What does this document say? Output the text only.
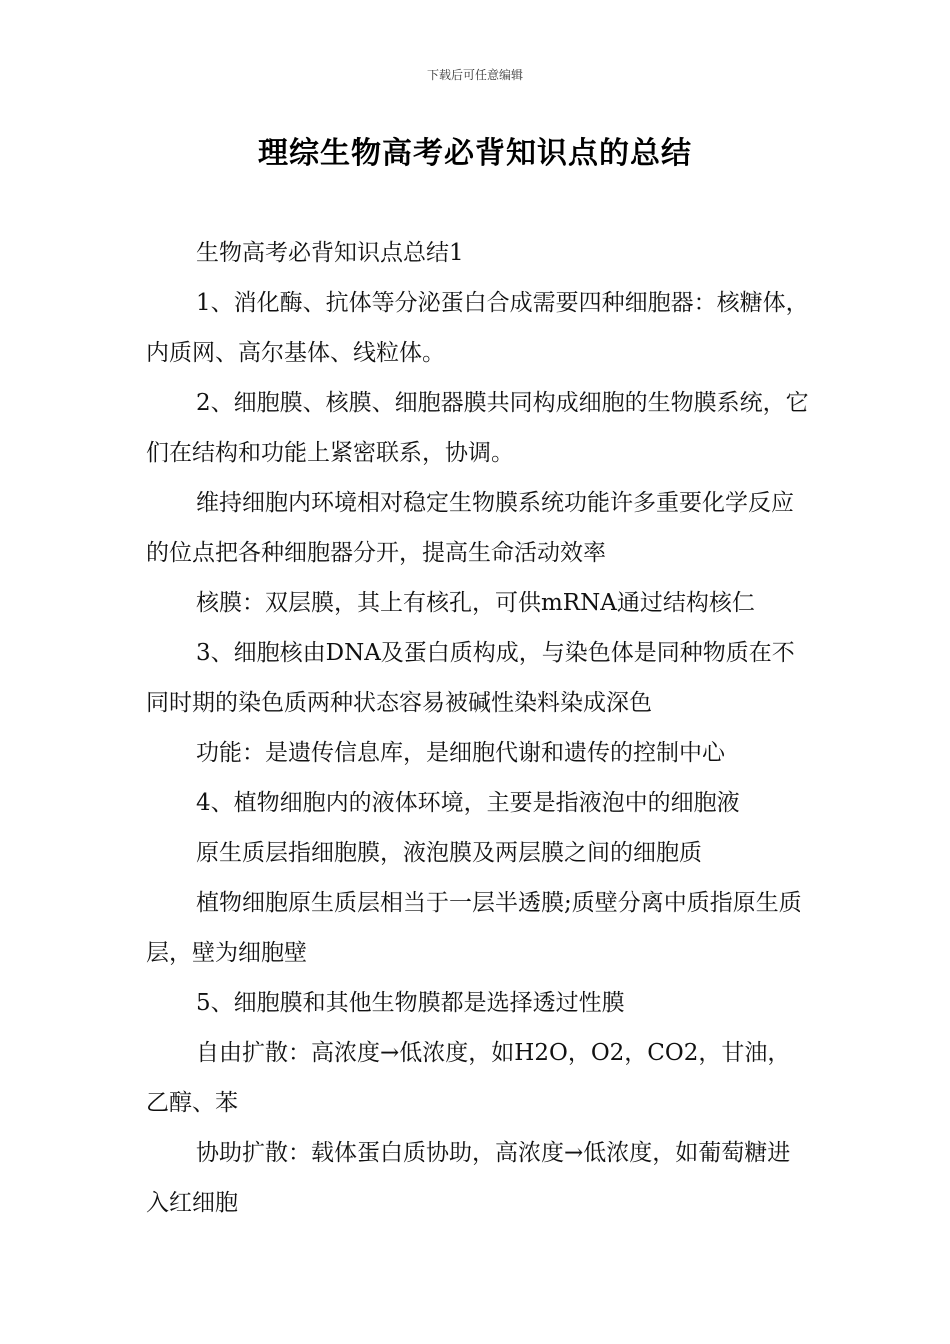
下载后可任意编辑
理综生物高考必背知识点的总结

生物高考必背知识点总结1

1、消化酶、抗体等分泌蛋白合成需要四种细胞器：核糖体，内质网、高尔基体、线粒体。

2、细胞膜、核膜、细胞器膜共同构成细胞的生物膜系统，它们在结构和功能上紧密联系，协调。

维持细胞内环境相对稳定生物膜系统功能许多重要化学反应的位点把各种细胞器分开，提高生命活动效率

核膜：双层膜，其上有核孔，可供mRNA通过结构核仁

3、细胞核由DNA及蛋白质构成，与染色体是同种物质在不同时期的染色质两种状态容易被碱性染料染成深色

功能：是遗传信息库，是细胞代谢和遗传的控制中心

4、植物细胞内的液体环境，主要是指液泡中的细胞液

原生质层指细胞膜，液泡膜及两层膜之间的细胞质

植物细胞原生质层相当于一层半透膜;质壁分离中质指原生质层，壁为细胞壁

5、细胞膜和其他生物膜都是选择透过性膜

自由扩散：高浓度→低浓度，如H2O，O2，CO2，甘油，乙醇、苯

协助扩散：载体蛋白质协助，高浓度→低浓度，如葡萄糖进入红细胞
